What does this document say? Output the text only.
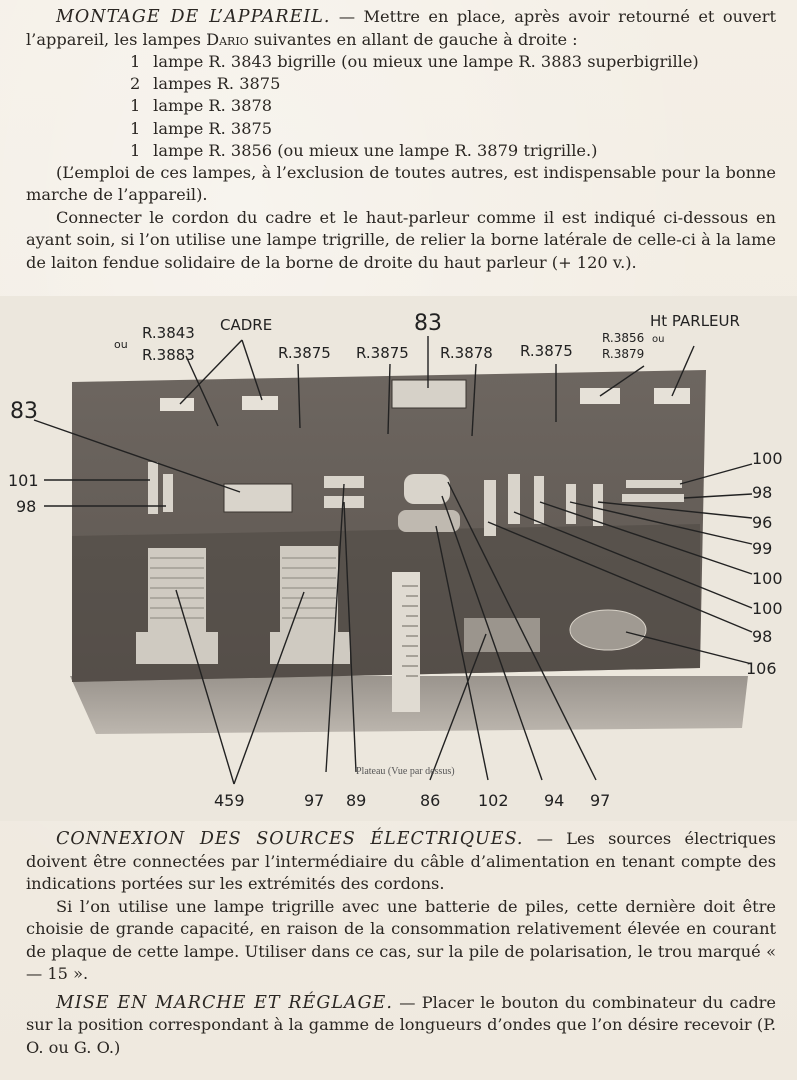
MONTAGE DE L’APPAREIL. — Mettre en place, après avoir retourné et ouvert l’appareil, les lampes Dario suivantes en allant de gauche à droite :

1 lampe R. 3843 bigrille (ou mieux une lampe R. 3883 superbigrille)
2 lampes R. 3875
1 lampe R. 3878
1 lampe R. 3875
1 lampe R. 3856 (ou mieux une lampe R. 3879 trigrille.)

(L’emploi de ces lampes, à l’exclusion de toutes autres, est indispensable pour la bonne marche de l’appareil).

Connecter le cordon du cadre et le haut-parleur comme il est indiqué ci-dessous en ayant soin, si l’on utilise une lampe trigrille, de relier la borne latérale de celle-ci à la lame de laiton fendue solidaire de la borne de droite du haut parleur (+ 120 v.).

ou
R.3843
R.3883
CADRE	83
R.3875 R.3875 R.3878 R.3875
R.3856 ou
R.3879
Ht PARLEUR
83
101
98
100
98
96
99
100
100
98
106
459	97 89	86 102 94 97
Plateau (Vue par dessus)

CONNEXION DES SOURCES ÉLECTRIQUES. — Les sources électriques doivent être connectées par l’intermédiaire du câble d’alimentation en tenant compte des indications portées sur les extrémités des cordons.

Si l’on utilise une lampe trigrille avec une batterie de piles, cette dernière doit être choisie de grande capacité, en raison de la consommation relativement élevée en courant de plaque de cette lampe. Utiliser dans ce cas, sur la pile de polarisation, le trou marqué « — 15 ».

MISE EN MARCHE ET RÉGLAGE. — Placer le bouton du combinateur du cadre sur la position correspondant à la gamme de longueurs d’ondes que l’on désire recevoir (P. O. ou G. O.)
